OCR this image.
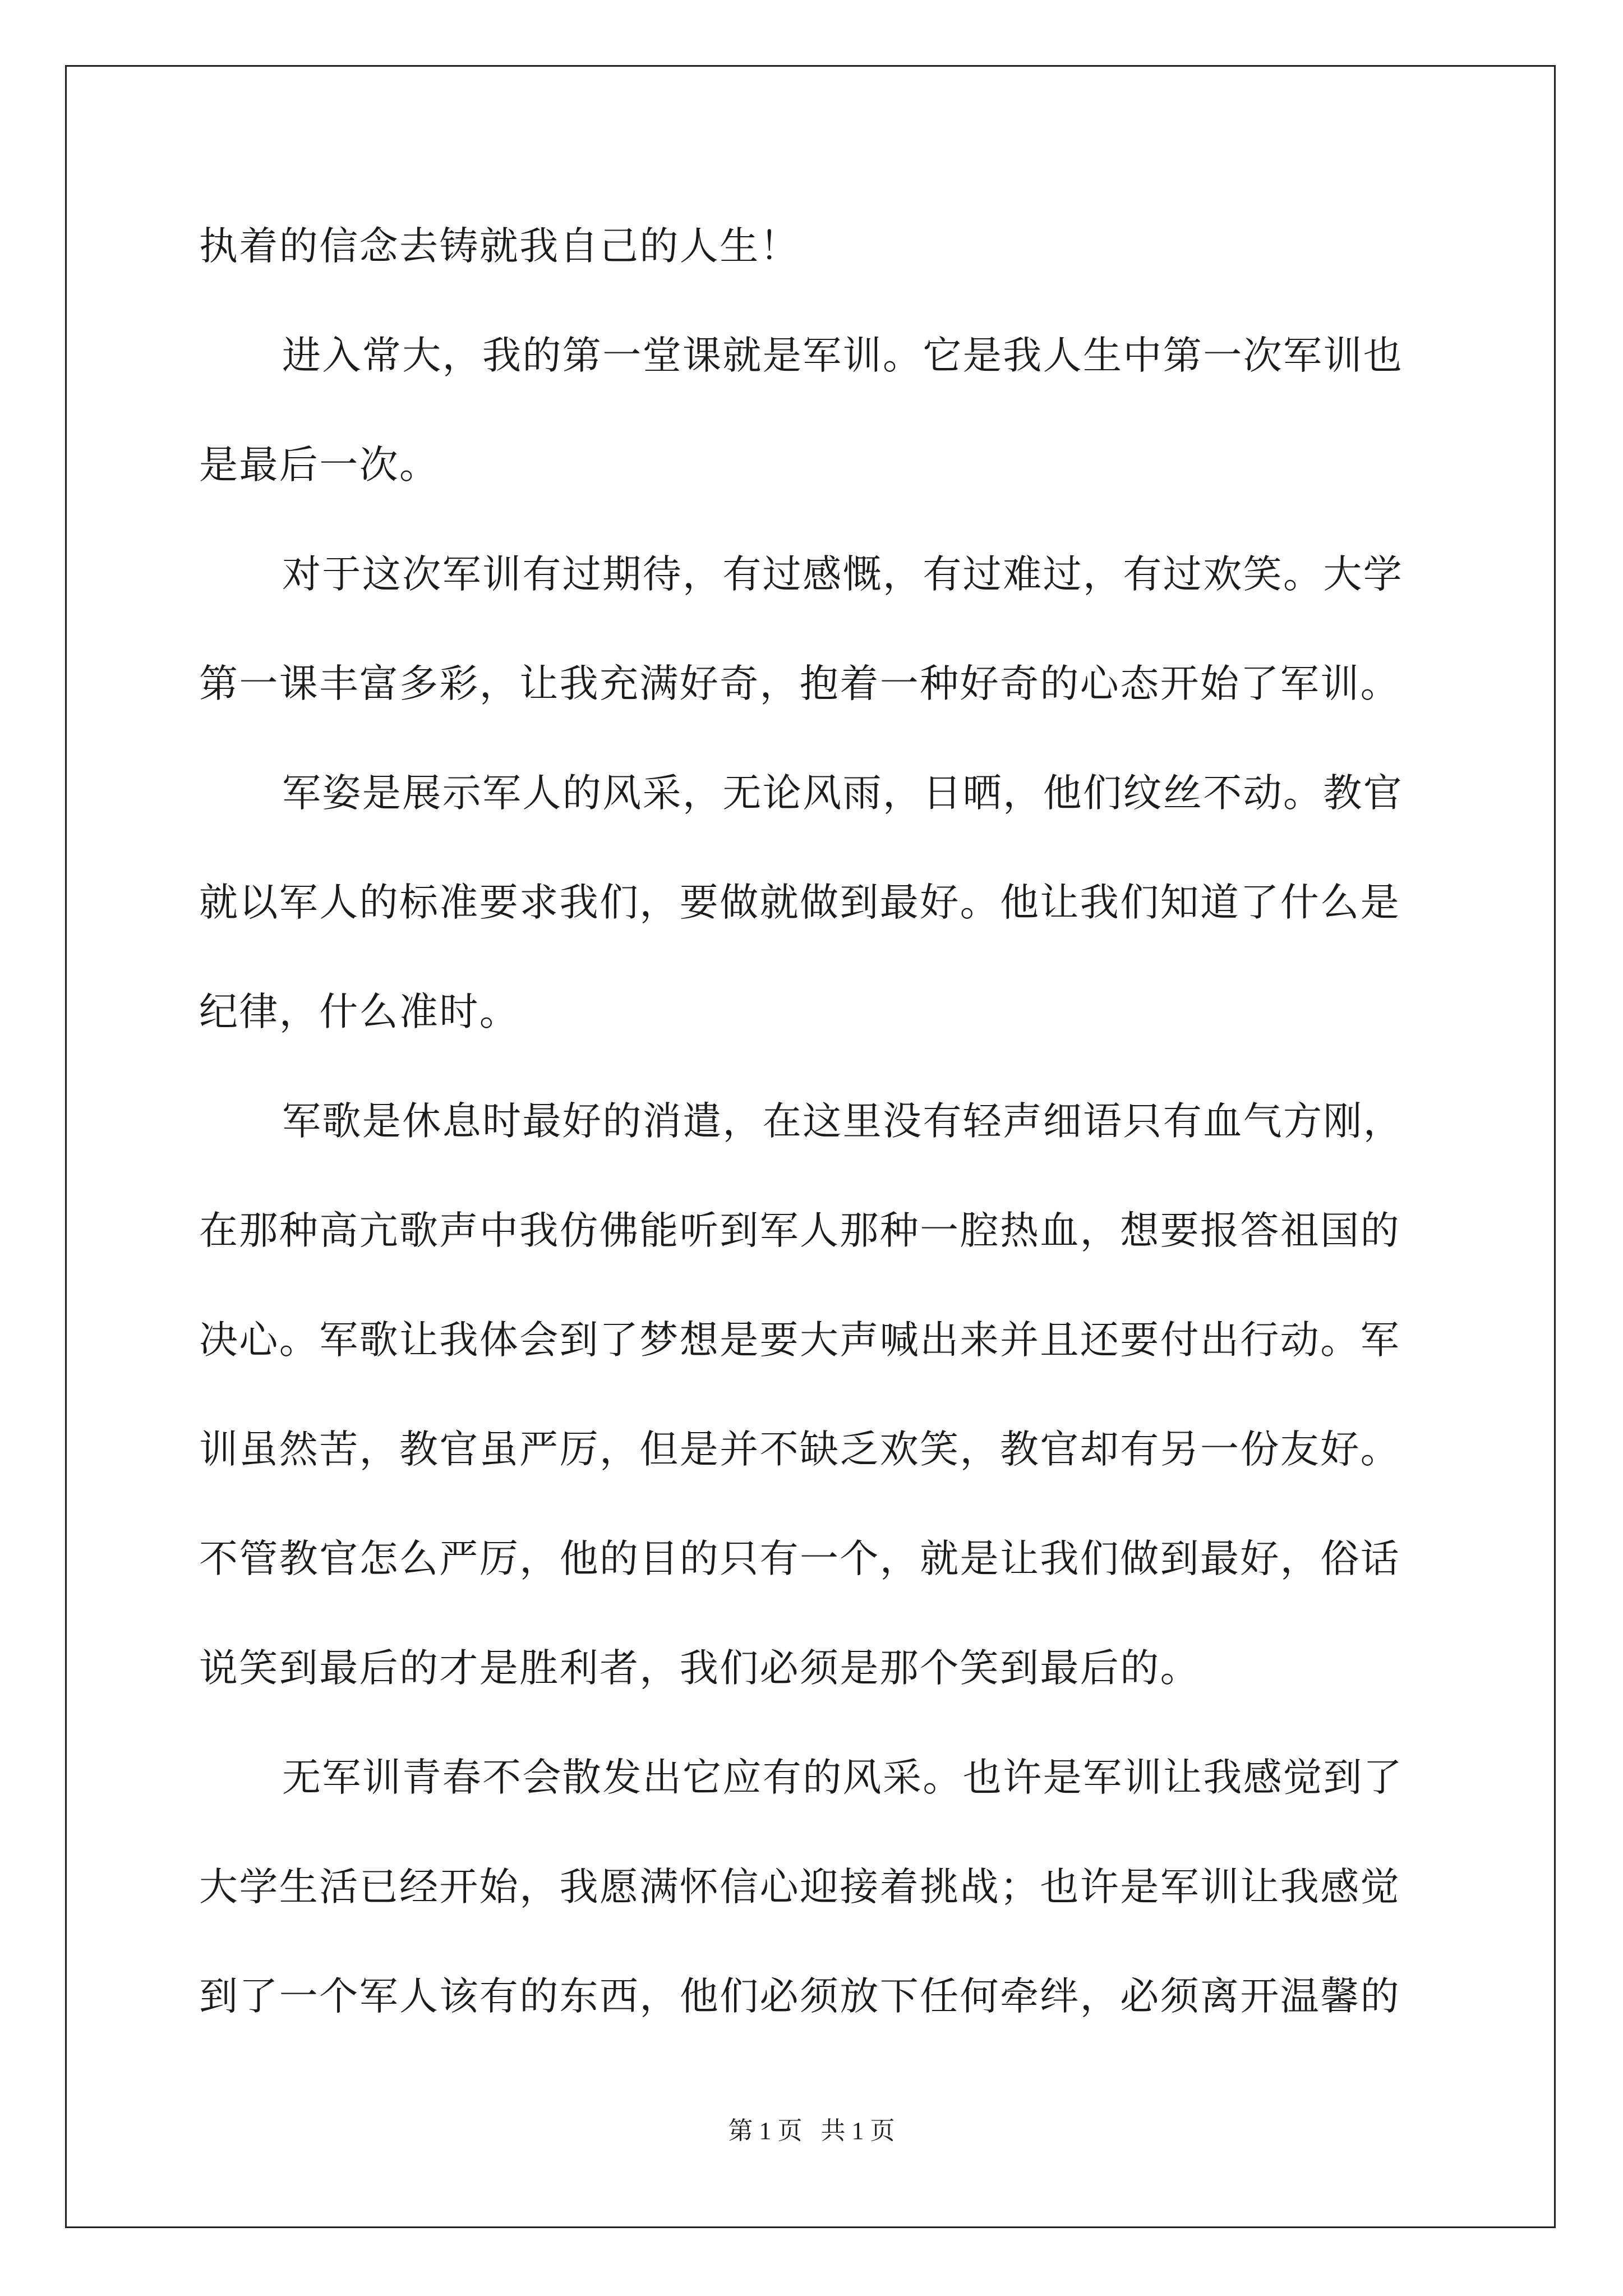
执着的信念去铸就我自己的人生！

进入常大，我的第一堂课就是军训。它是我人生中第一次军训也

是最后一次。

对于这次军训有过期待，有过感慨，有过难过，有过欢笑。大学

第一课丰富多彩，让我充满好奇，抱着一种好奇的心态开始了军训。

军姿是展示军人的风采，无论风雨，日晒，他们纹丝不动。教官

就以军人的标准要求我们，要做就做到最好。他让我们知道了什么是

纪律，什么准时。

军歌是休息时最好的消遣，在这里没有轻声细语只有血气方刚，

在那种高亢歌声中我仿佛能听到军人那种一腔热血，想要报答祖国的

决心。军歌让我体会到了梦想是要大声喊出来并且还要付出行动。军

训虽然苦，教官虽严厉，但是并不缺乏欢笑，教官却有另一份友好。

不管教官怎么严厉，他的目的只有一个，就是让我们做到最好，俗话

说笑到最后的才是胜利者，我们必须是那个笑到最后的。

无军训青春不会散发出它应有的风采。也许是军训让我感觉到了

大学生活已经开始，我愿满怀信心迎接着挑战；也许是军训让我感觉

到了一个军人该有的东西，他们必须放下任何牵绊，必须离开温馨的

第 1 页   共 1 页
